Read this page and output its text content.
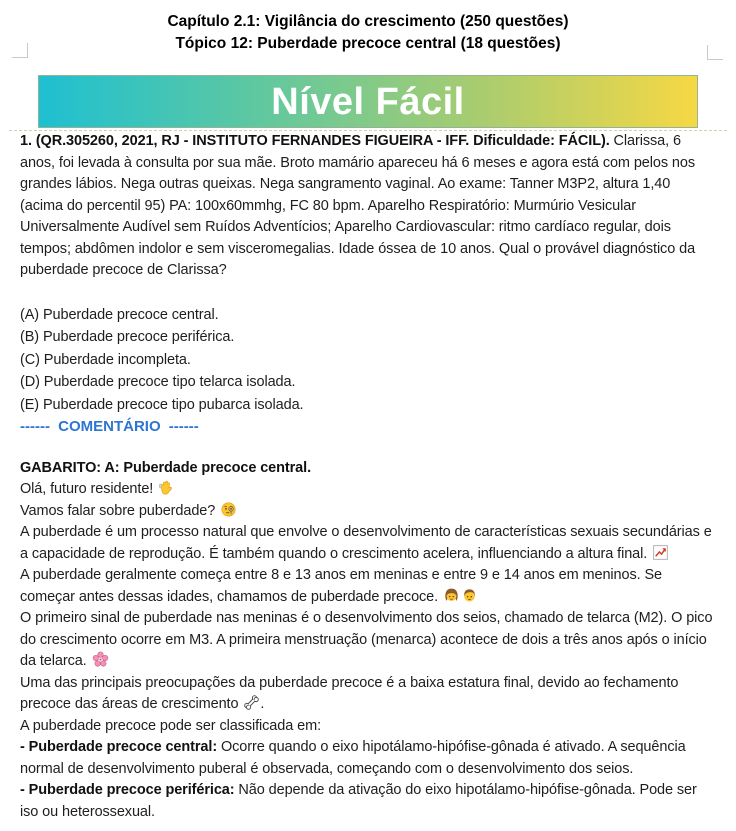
Capítulo 2.1: Vigilância do crescimento (250 questões)
Tópico 12: Puberdade precoce central (18 questões)
Nível Fácil

1. (QR.305260, 2021, RJ - INSTITUTO FERNANDES FIGUEIRA - IFF. Dificuldade: FÁCIL). Clarissa, 6 anos, foi levada à consulta por sua mãe. Broto mamário apareceu há 6 meses e agora está com pelos nos grandes lábios. Nega outras queixas. Nega sangramento vaginal. Ao exame: Tanner M3P2, altura 1,40 (acima do percentil 95) PA: 100x60mmhg, FC 80 bpm. Aparelho Respiratório: Murmúrio Vesicular Universalmente Audível sem Ruídos Adventícios; Aparelho Cardiovascular: ritmo cardíaco regular, dois tempos; abdômen indolor e sem visceromegalias. Idade óssea de 10 anos. Qual o provável diagnóstico da puberdade precoce de Clarissa?

(A) Puberdade precoce central.

(B) Puberdade precoce periférica.

(C) Puberdade incompleta.

(D) Puberdade precoce tipo telarca isolada.

(E) Puberdade precoce tipo pubarca isolada.

------ COMENTÁRIO ------

GABARITO: A: Puberdade precoce central.

Olá, futuro residente!

Vamos falar sobre puberdade?

A puberdade é um processo natural que envolve o desenvolvimento de características sexuais secundárias e a capacidade de reprodução. É também quando o crescimento acelera, influenciando a altura final.

A puberdade geralmente começa entre 8 e 13 anos em meninas e entre 9 e 14 anos em meninos. Se começar antes dessas idades, chamamos de puberdade precoce.

O primeiro sinal de puberdade nas meninas é o desenvolvimento dos seios, chamado de telarca (M2). O pico do crescimento ocorre em M3. A primeira menstruação (menarca) acontece de dois a três anos após o início da telarca.

Uma das principais preocupações da puberdade precoce é a baixa estatura final, devido ao fechamento precoce das áreas de crescimento .

A puberdade precoce pode ser classificada em:

- Puberdade precoce central: Ocorre quando o eixo hipotálamo-hipófise-gônada é ativado. A sequência normal de desenvolvimento puberal é observada, começando com o desenvolvimento dos seios.

- Puberdade precoce periférica: Não depende da ativação do eixo hipotálamo-hipófise-gônada. Pode ser iso ou heterossexual.
